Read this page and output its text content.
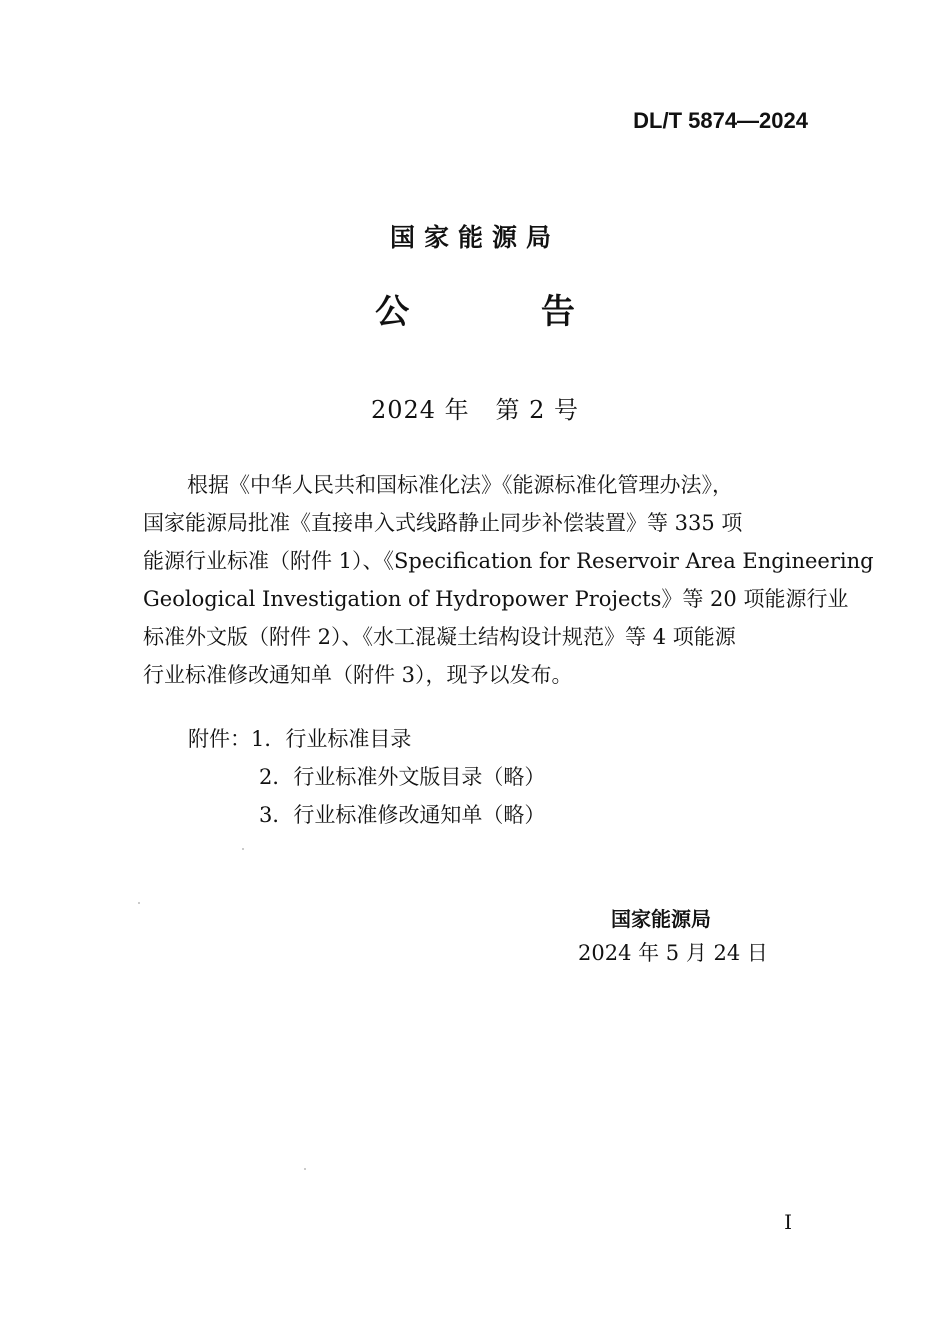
DL/T 5874—2024
国家能源局
公 告
2024 年   第 2 号
根据《中华人民共和国标准化法》《能源标准化管理办法》，
国家能源局批准《直接串入式线路静止同步补偿装置》等 335 项
能源行业标准（附件 1）、《Specification for Reservoir Area Engineering
Geological Investigation of Hydropower Projects》等 20 项能源行业
标准外文版（附件 2）、《水工混凝土结构设计规范》等 4 项能源
行业标准修改通知单（附件 3），现予以发布。
附件：1．行业标准目录
2．行业标准外文版目录（略）
3．行业标准修改通知单（略）
国家能源局
2024 年 5 月 24 日
I
